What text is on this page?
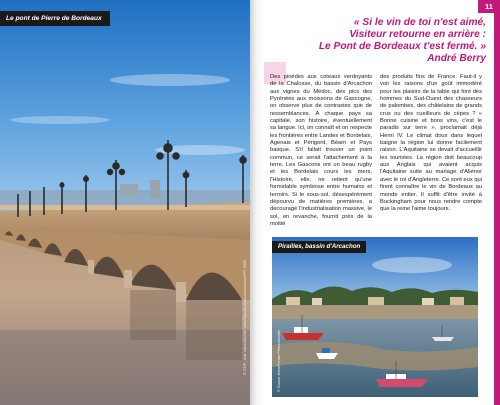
Le pont de Pierre de Bordeaux
© CDP_Vuk Valcic/ZUMA Wire/Sipa/Anadolu/Anadolu/AFP/ 1886
11
« Si le vin de toi n'est aimé,
Visiteur retourne en arrière :
Le Pont de Bordeaux t'est fermé. »
André Berry

Des pinèdes aux coteaux verdoyants de la Chalosse, du bassin d'Arcachon aux vignes du Médoc, des pics des Pyrénées aux moissons de Gascogne, on observe plus de contrastes que de ressemblances. À chaque pays sa capitale, son histoire, éventuellement sa langue. Ici, on connaît et on respecte les frontières entre Landes et Bordelais, Agenais et Périgord, Béarn et Pays basque. S'il fallait trouver un point commun, ce serait l'attachement à la terre. Les Gascons ont un beau rugby et les Bordelais cours les mers, l'Histoire, elle, ne retient qu'une formidable symbiose entre humains et terroirs. Si le sous-sol, désespérément dépourvu de matières premières, a découragé l'industrialisation massive, le sol, en revanche, fournit près de la moitié

des produits fins de France. Faut-il y voir les raisons d'un goût immodéré pour les plaisirs de la table qui font des hommes du Sud-Ouest des chasseurs de palombes, des châtelains de grands crus ou des cueilleurs de cèpes ? « Bonne cuisine et bons vins, c'est le paradis sur terre », proclamait déjà Henri IV. Le climat doux dans lequel baigne la région lui donne facilement raison. L'Aquitaine se devait d'accueillir les touristes. La région doit beaucoup aux Anglais qui avaient acquis l'Aquitaine suite au mariage d'Aliénor avec le roi d'Angleterre. Ce sont eux qui firent connaître le vin de Bordeaux au monde entier. Il suffit d'être invité à Buckingham pour nous rendre compte que la reine l'aime toujours.

Pirailles, bassin d'Arcachon
© Dusan Jelen/Ferran Pérez/Arcoiris
